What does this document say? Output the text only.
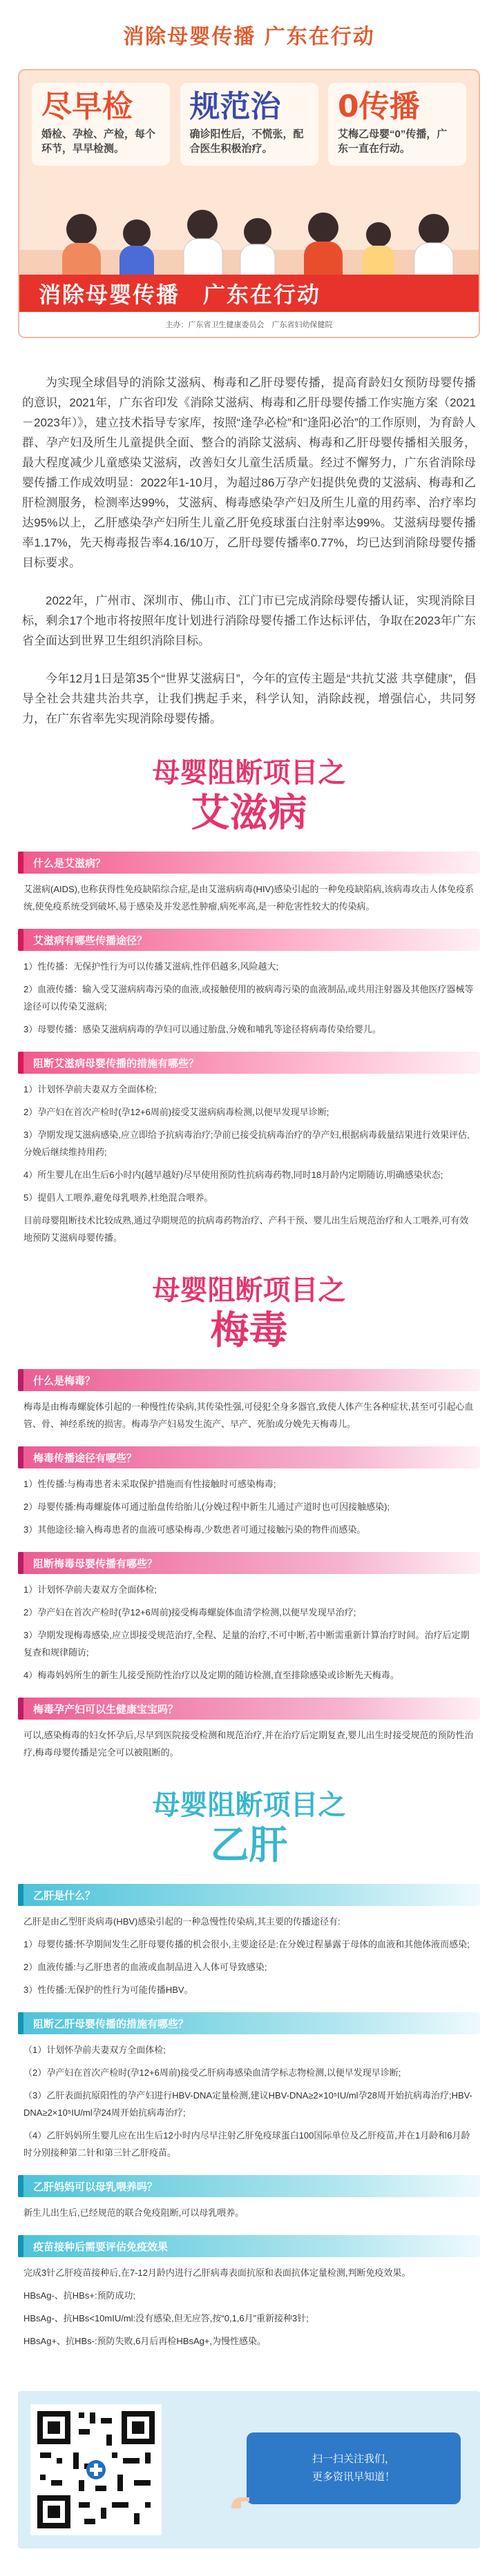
消除母婴传播 广东在行动
尽早检
婚检、孕检、产检，每个环节，早早检测。
规范治
确诊阳性后，不慌张，配合医生积极治疗。
0传播
艾梅乙母婴“0”传播，广东一直在行动。
消除母婴传播　广东在行动
主办：广东省卫生健康委员会　广东省妇幼保健院

为实现全球倡导的消除艾滋病、梅毒和乙肝母婴传播，提高育龄妇女预防母婴传播的意识，2021年，广东省印发《消除艾滋病、梅毒和乙肝母婴传播工作实施方案（2021－2023年）》，建立技术指导专家库，按照“逢孕必检”和“逢阳必治”的工作原则，为育龄人群、孕产妇及所生儿童提供全面、整合的消除艾滋病、梅毒和乙肝母婴传播相关服务，最大程度减少儿童感染艾滋病，改善妇女儿童生活质量。经过不懈努力，广东省消除母婴传播工作成效明显：2022年1-10月，为超过86万孕产妇提供免费的艾滋病、梅毒和乙肝检测服务，检测率达99%，艾滋病、梅毒感染孕产妇及所生儿童的用药率、治疗率均达95%以上，乙肝感染孕产妇所生儿童乙肝免疫球蛋白注射率达99%。艾滋病母婴传播率1.17%，先天梅毒报告率4.16/10万，乙肝母婴传播率0.77%，均已达到消除母婴传播目标要求。

2022年，广州市、深圳市、佛山市、江门市已完成消除母婴传播认证，实现消除目标，剩余17个地市将按照年度计划进行消除母婴传播工作达标评估，争取在2023年广东省全面达到世界卫生组织消除目标。

今年12月1日是第35个“世界艾滋病日”，今年的宣传主题是“共抗艾滋 共享健康”，倡导全社会共建共治共享，让我们携起手来，科学认知，消除歧视，增强信心，共同努力，在广东省率先实现消除母婴传播。

母婴阻断项目之
艾滋病
什么是艾滋病？

艾滋病(AIDS),也称获得性免疫缺陷综合症,是由艾滋病病毒(HIV)感染引起的一种免疫缺陷病,该病毒攻击人体免疫系统,使免疫系统受到破坏,易于感染及并发恶性肿瘤,病死率高,是一种危害性较大的传染病。

艾滋病有哪些传播途径？

1）性传播：无保护性行为可以传播艾滋病,性伴侣越多,风险越大;

2）血液传播：输入受艾滋病病毒污染的血液,或接触使用的被病毒污染的血液制品,或共用注射器及其他医疗器械等途径可以传染艾滋病;

3）母婴传播：感染艾滋病病毒的孕妇可以通过胎盘,分娩和哺乳等途径将病毒传染给婴儿。

阻断艾滋病母婴传播的措施有哪些？

1）计划怀孕前夫妻双方全面体检;

2）孕产妇在首次产检时(孕12+6周前)接受艾滋病病毒检测,以便早发现早诊断;

3）孕期发现艾滋病感染,应立即给予抗病毒治疗;孕前已接受抗病毒治疗的孕产妇,根据病毒载量结果进行效果评估,分娩后继续维持用药;

4）所生婴儿在出生后6小时内(越早越好)尽早使用预防性抗病毒药物,同时18月龄内定期随访,明确感染状态;

5）提倡人工喂养,避免母乳喂养,杜绝混合喂养。

目前母婴阻断技术比较成熟,通过孕期规范的抗病毒药物治疗、产科干预、婴儿出生后规范治疗和人工喂养,可有效地预防艾滋病母婴传播。

母婴阻断项目之
梅毒
什么是梅毒？

梅毒是由梅毒螺旋体引起的一种慢性传染病,其传染性强,可侵犯全身多器官,致使人体产生各种症状,甚至可引起心血管、骨、神经系统的损害。梅毒孕产妇易发生流产、早产、死胎或分娩先天梅毒儿。

梅毒传播途径有哪些？

1）性传播:与梅毒患者未采取保护措施而有性接触时可感染梅毒;

2）母婴传播:梅毒螺旋体可通过胎盘传给胎儿(分娩过程中新生儿通过产道时也可因接触感染);

3）其他途径:输入梅毒患者的血液可感染梅毒,少数患者可通过接触污染的物件而感染。

阻断梅毒母婴传播有哪些？

1）计划怀孕前夫妻双方全面体检;

2）孕产妇在首次产检时(孕12+6周前)接受梅毒螺旋体血清学检测,以便早发现早治疗;

3）孕期发现梅毒感染,应立即接受规范治疗,全程、足量的治疗,不可中断,若中断需重新计算治疗时间。治疗后定期复查和规律随访;

4）梅毒妈妈所生的新生儿接受预防性治疗以及定期的随访检测,直至排除感染或诊断先天梅毒。

梅毒孕产妇可以生健康宝宝吗？

可以,感染梅毒的妇女怀孕后,尽早到医院接受检测和规范治疗,并在治疗后定期复查,婴儿出生时接受规范的预防性治疗,梅毒母婴传播是完全可以被阻断的。

母婴阻断项目之
乙肝
乙肝是什么？

乙肝是由乙型肝炎病毒(HBV)感染引起的一种急慢性传染病,其主要的传播途径有:

1）母婴传播:怀孕期间发生乙肝母婴传播的机会很小,主要途径是:在分娩过程暴露于母体的血液和其他体液而感染;

2）血液传播:与乙肝患者的血液或血制品进入人体可导致感染;

3）性传播:无保护的性行为可能传播HBV。

阻断乙肝母婴传播的措施有哪些？

（1）计划怀孕前夫妻双方全面体检;

（2）孕产妇在首次产检时(孕12+6周前)接受乙肝病毒感染血清学标志物检测,以便早发现早诊断;

（3）乙肝表面抗原阳性的孕产妇进行HBV-DNA定量检测,建议HBV-DNA≥2×10⁵IU/ml孕28周开始抗病毒治疗;HBV-DNA≥2×10⁵IU/ml孕24周开始抗病毒治疗;

（4）乙肝妈妈所生婴儿应在出生后12小时内尽早注射乙肝免疫球蛋白100国际单位及乙肝疫苗,并在1月龄和6月龄时分别接种第二针和第三针乙肝疫苗。

乙肝妈妈可以母乳喂养吗？

新生儿出生后,已经规范的联合免疫阻断,可以母乳喂养。

疫苗接种后需要评估免疫效果

完成3针乙肝疫苗接种后,在7-12月龄内进行乙肝病毒表面抗原和表面抗体定量检测,判断免疫效果。

HBsAg-、抗HBs+:预防成功;

HBsAg-、抗HBs<10mIU/ml:没有感染,但无应答,按“0,1,6月”重新接种3针;

HBsAg+、抗HBs-:预防失败,6月后再检HBsAg+,为慢性感染。

扫一扫关注我们，
更多资讯早知道！
